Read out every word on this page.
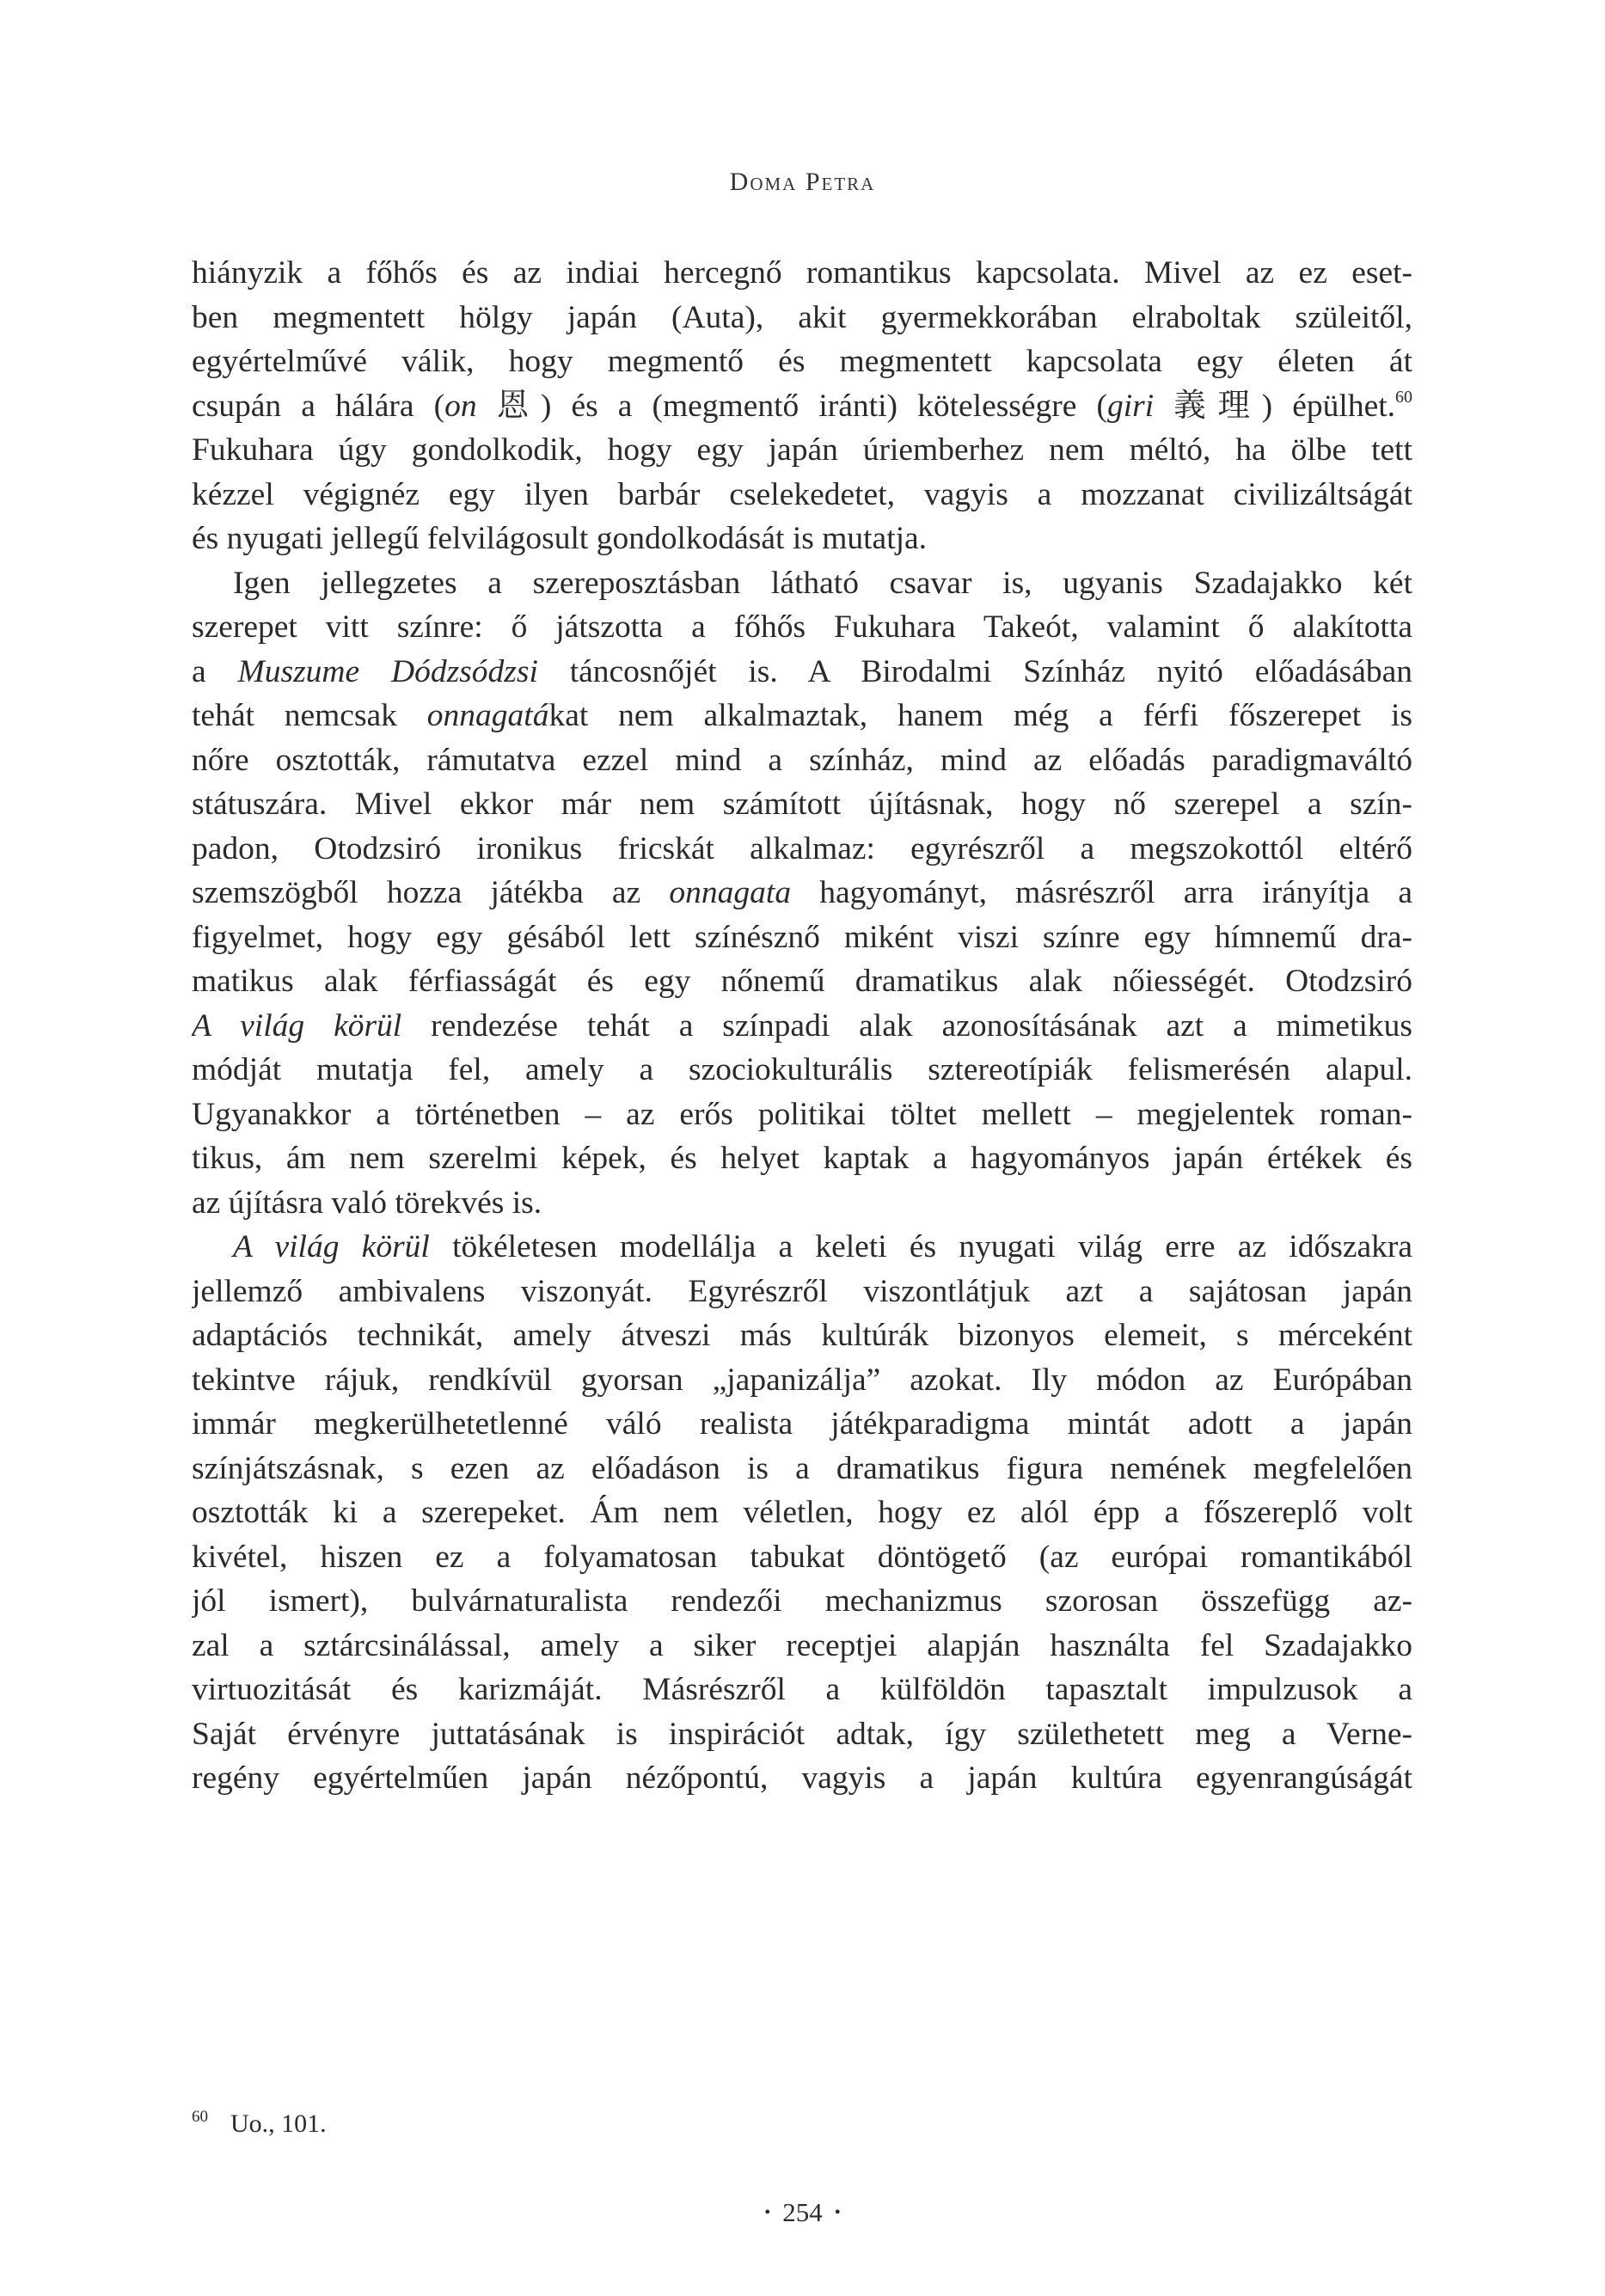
Doma Petra
hiányzik a főhős és az indiai hercegnő romantikus kapcsolata. Mivel az ez eset-
ben megmentett hölgy japán (Auta), akit gyermekkorában elraboltak szüleitől,
egyértelművé válik, hogy megmentő és megmentett kapcsolata egy életen át
csupán a hálára (on 恩) és a (megmentő iránti) kötelességre (giri 義理) épülhet.$^{60}$
Fukuhara úgy gondolkodik, hogy egy japán úriemberhez nem méltó, ha ölbe tett
kézzel végignéz egy ilyen barbár cselekedetet, vagyis a mozzanat civilizáltságát
és nyugati jellegű felvilágosult gondolkodását is mutatja.
Igen jellegzetes a szereposztásban látható csavar is, ugyanis Szadajakko két
szerepet vitt színre: ő játszotta a főhős Fukuhara Takeót, valamint ő alakította
a Muszume Dódzsódzsi táncosnőjét is. A Birodalmi Színház nyitó előadásában
tehát nemcsak onnagatákat nem alkalmaztak, hanem még a férfi főszerepet is
nőre osztották, rámutatva ezzel mind a színház, mind az előadás paradigmaváltó
státuszára. Mivel ekkor már nem számított újításnak, hogy nő szerepel a szín-
padon, Otodzsiró ironikus fricskát alkalmaz: egyrészről a megszokottól eltérő
szemszögből hozza játékba az onnagata hagyományt, másrészről arra irányítja a
figyelmet, hogy egy gésából lett színésznő miként viszi színre egy hímnemű dra-
matikus alak férfiasságát és egy nőnemű dramatikus alak nőiességét. Otodzsiró
A világ körül rendezése tehát a színpadi alak azonosításának azt a mimetikus
módját mutatja fel, amely a szociokulturális sztereotípiák felismerésén alapul.
Ugyanakkor a történetben – az erős politikai töltet mellett – megjelentek roman-
tikus, ám nem szerelmi képek, és helyet kaptak a hagyományos japán értékek és
az újításra való törekvés is.
A világ körül tökéletesen modellálja a keleti és nyugati világ erre az időszakra
jellemző ambivalens viszonyát. Egyrészről viszontlátjuk azt a sajátosan japán
adaptációs technikát, amely átveszi más kultúrák bizonyos elemeit, s mérceként
tekintve rájuk, rendkívül gyorsan „japanizálja” azokat. Ily módon az Európában
immár megkerülhetetlenné váló realista játékparadigma mintát adott a japán
színjátszásnak, s ezen az előadáson is a dramatikus figura nemének megfelelően
osztották ki a szerepeket. Ám nem véletlen, hogy ez alól épp a főszereplő volt
kivétel, hiszen ez a folyamatosan tabukat döntögető (az európai romantikából
jól ismert), bulvárnaturalista rendezői mechanizmus szorosan összefügg az-
zal a sztárcsinálással, amely a siker receptjei alapján használta fel Szadajakko
virtuozitását és karizmáját. Másrészről a külföldön tapasztalt impulzusok a
Saját érvényre juttatásának is inspirációt adtak, így születhetett meg a Verne-
regény egyértelműen japán nézőpontú, vagyis a japán kultúra egyenrangúságát
$^{60}$ Uo., 101.
• 254 •
